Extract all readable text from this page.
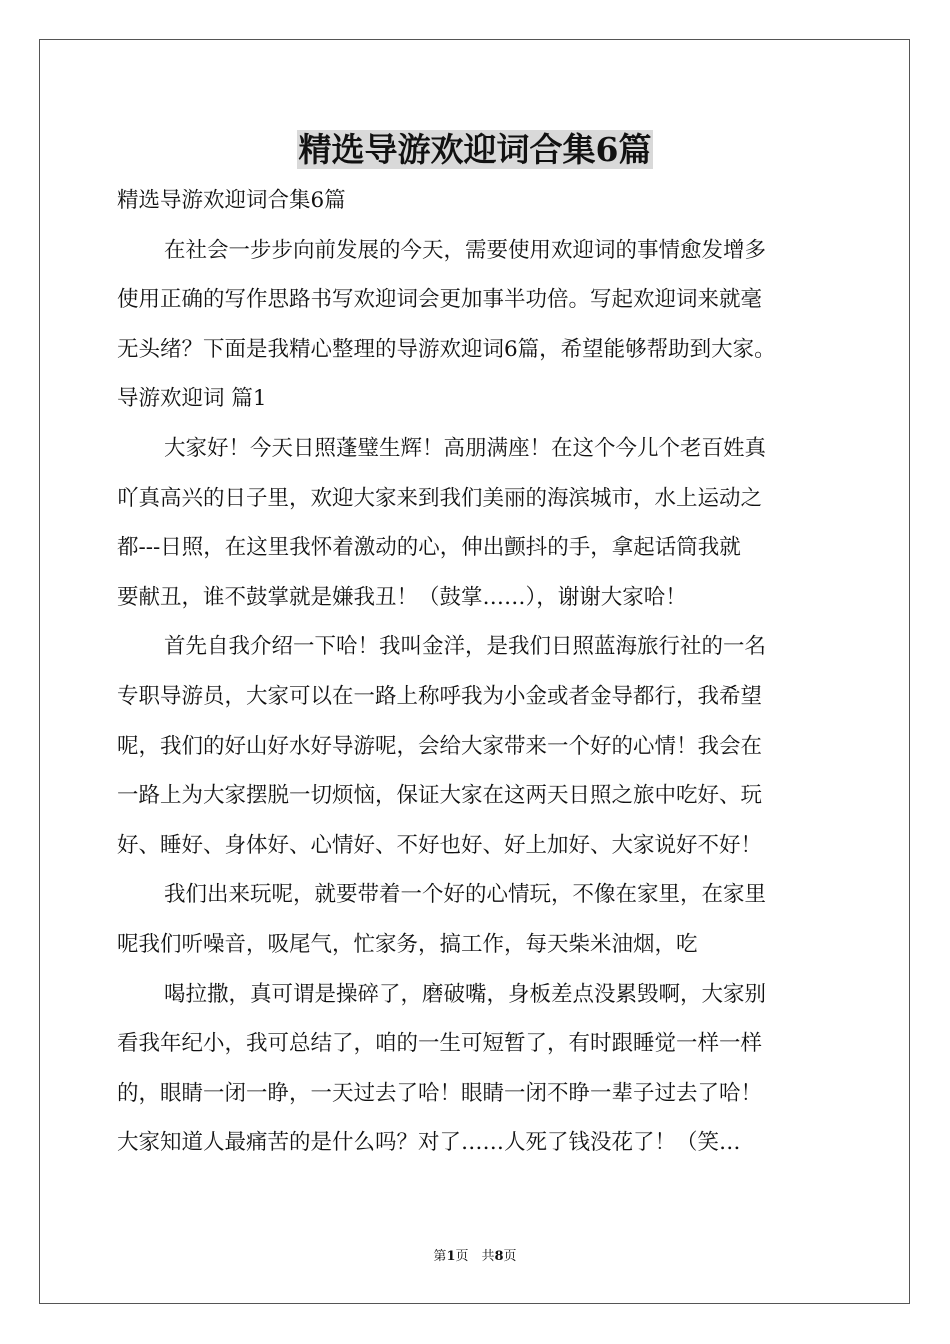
精选导游欢迎词合集6篇

精选导游欢迎词合集6篇

在社会一步步向前发展的今天，需要使用欢迎词的事情愈发增多

使用正确的写作思路书写欢迎词会更加事半功倍。写起欢迎词来就毫

无头绪？下面是我精心整理的导游欢迎词6篇，希望能够帮助到大家。

导游欢迎词 篇1

大家好！今天日照蓬璧生辉！高朋满座！在这个今儿个老百姓真

吖真高兴的日子里，欢迎大家来到我们美丽的海滨城市，水上运动之

都---日照，在这里我怀着激动的心，伸出颤抖的手，拿起话筒我就

要献丑，谁不鼓掌就是嫌我丑！（鼓掌……），谢谢大家哈！

首先自我介绍一下哈！我叫金洋，是我们日照蓝海旅行社的一名

专职导游员，大家可以在一路上称呼我为小金或者金导都行，我希望

呢，我们的好山好水好导游呢，会给大家带来一个好的心情！我会在

一路上为大家摆脱一切烦恼，保证大家在这两天日照之旅中吃好、玩

好、睡好、身体好、心情好、不好也好、好上加好、大家说好不好！

我们出来玩呢，就要带着一个好的心情玩，不像在家里，在家里

呢我们听噪音，吸尾气，忙家务，搞工作，每天柴米油烟，吃

喝拉撒，真可谓是操碎了，磨破嘴，身板差点没累毁啊，大家别

看我年纪小，我可总结了，咱的一生可短暂了，有时跟睡觉一样一样

的，眼睛一闭一睁，一天过去了哈！眼睛一闭不睁一辈子过去了哈！

大家知道人最痛苦的是什么吗？对了……人死了钱没花了！（笑…

第1页　共8页
